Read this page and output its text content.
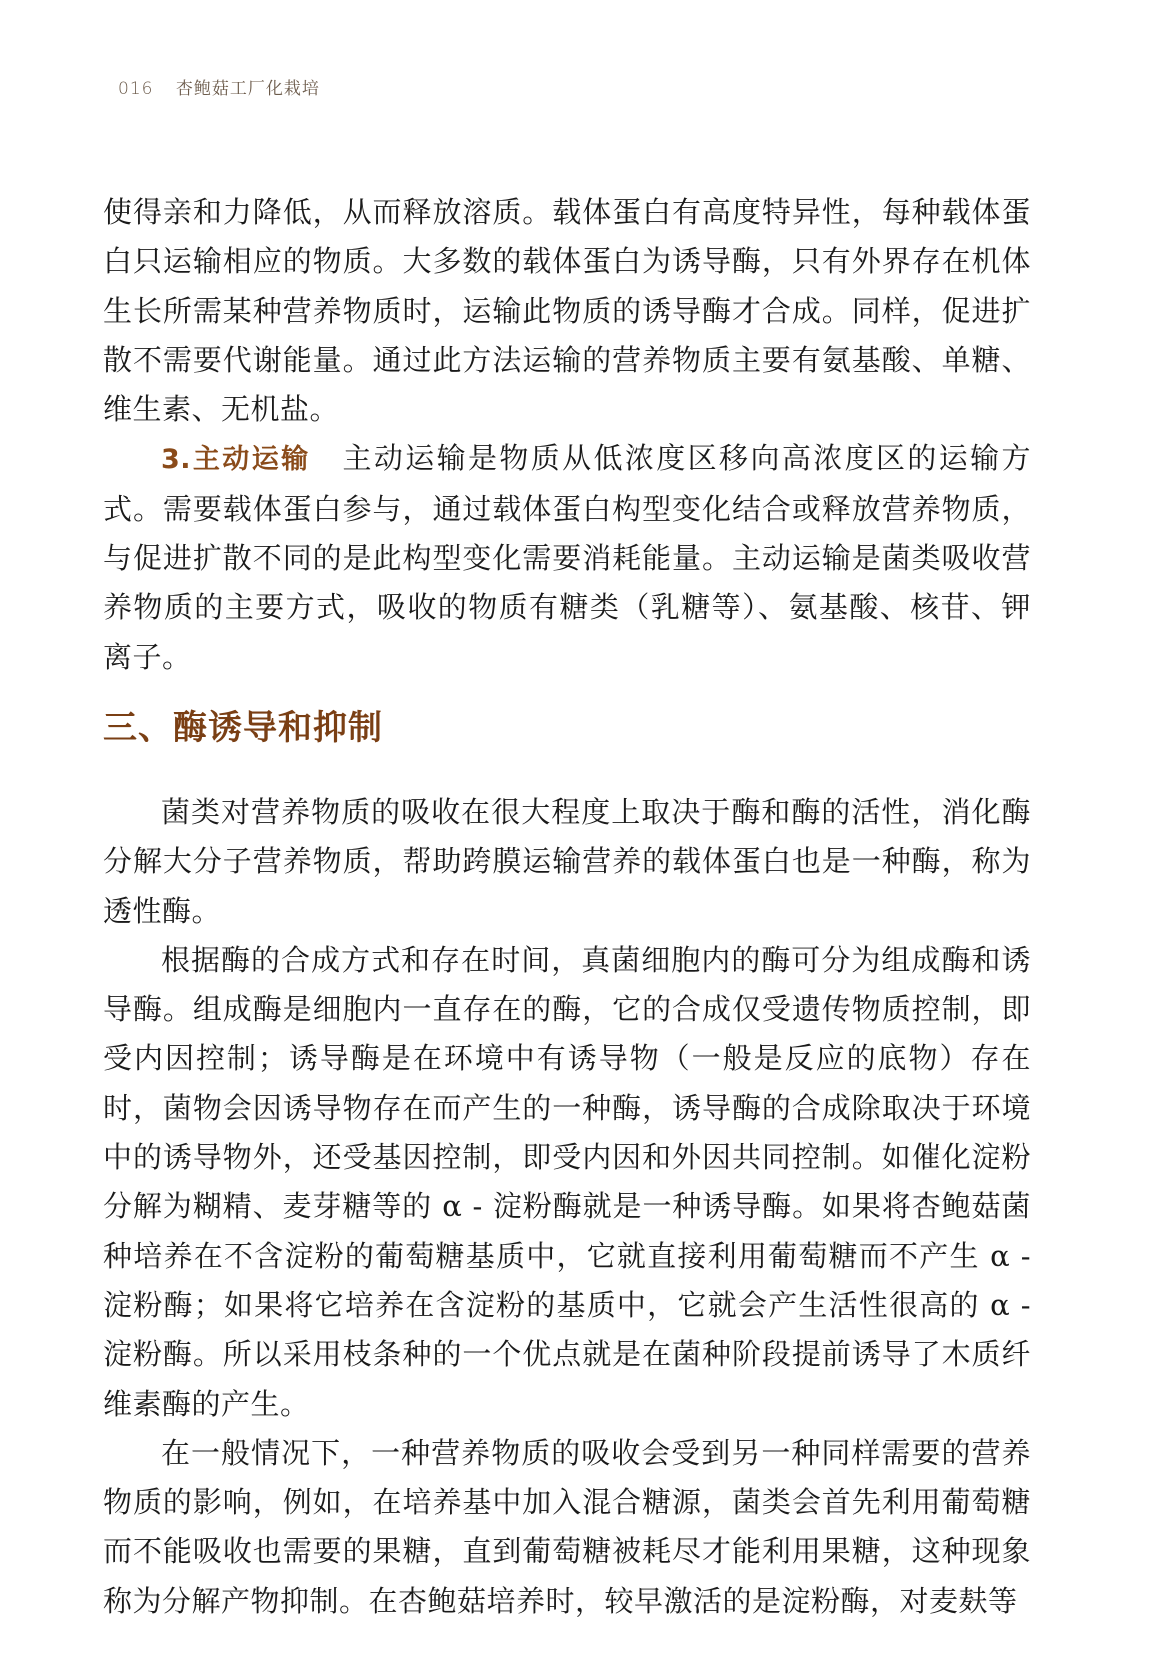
016 杏鲍菇工厂化栽培

使得亲和力降低，从而释放溶质。载体蛋白有高度特异性，每种载体蛋白只运输相应的物质。大多数的载体蛋白为诱导酶，只有外界存在机体生长所需某种营养物质时，运输此物质的诱导酶才合成。同样，促进扩散不需要代谢能量。通过此方法运输的营养物质主要有氨基酸、单糖、维生素、无机盐。

3.主动运输 主动运输是物质从低浓度区移向高浓度区的运输方式。需要载体蛋白参与，通过载体蛋白构型变化结合或释放营养物质，与促进扩散不同的是此构型变化需要消耗能量。主动运输是菌类吸收营养物质的主要方式，吸收的物质有糖类（乳糖等）、氨基酸、核苷、钾离子。

三、酶诱导和抑制

菌类对营养物质的吸收在很大程度上取决于酶和酶的活性，消化酶分解大分子营养物质，帮助跨膜运输营养的载体蛋白也是一种酶，称为透性酶。

根据酶的合成方式和存在时间，真菌细胞内的酶可分为组成酶和诱导酶。组成酶是细胞内一直存在的酶，它的合成仅受遗传物质控制，即受内因控制；诱导酶是在环境中有诱导物（一般是反应的底物）存在时，菌物会因诱导物存在而产生的一种酶，诱导酶的合成除取决于环境中的诱导物外，还受基因控制，即受内因和外因共同控制。如催化淀粉分解为糊精、麦芽糖等的 α - 淀粉酶就是一种诱导酶。如果将杏鲍菇菌种培养在不含淀粉的葡萄糖基质中，它就直接利用葡萄糖而不产生 α - 淀粉酶；如果将它培养在含淀粉的基质中，它就会产生活性很高的 α - 淀粉酶。所以采用枝条种的一个优点就是在菌种阶段提前诱导了木质纤维素酶的产生。

在一般情况下，一种营养物质的吸收会受到另一种同样需要的营养物质的影响，例如，在培养基中加入混合糖源，菌类会首先利用葡萄糖而不能吸收也需要的果糖，直到葡萄糖被耗尽才能利用果糖，这种现象称为分解产物抑制。在杏鲍菇培养时，较早激活的是淀粉酶，对麦麸等
